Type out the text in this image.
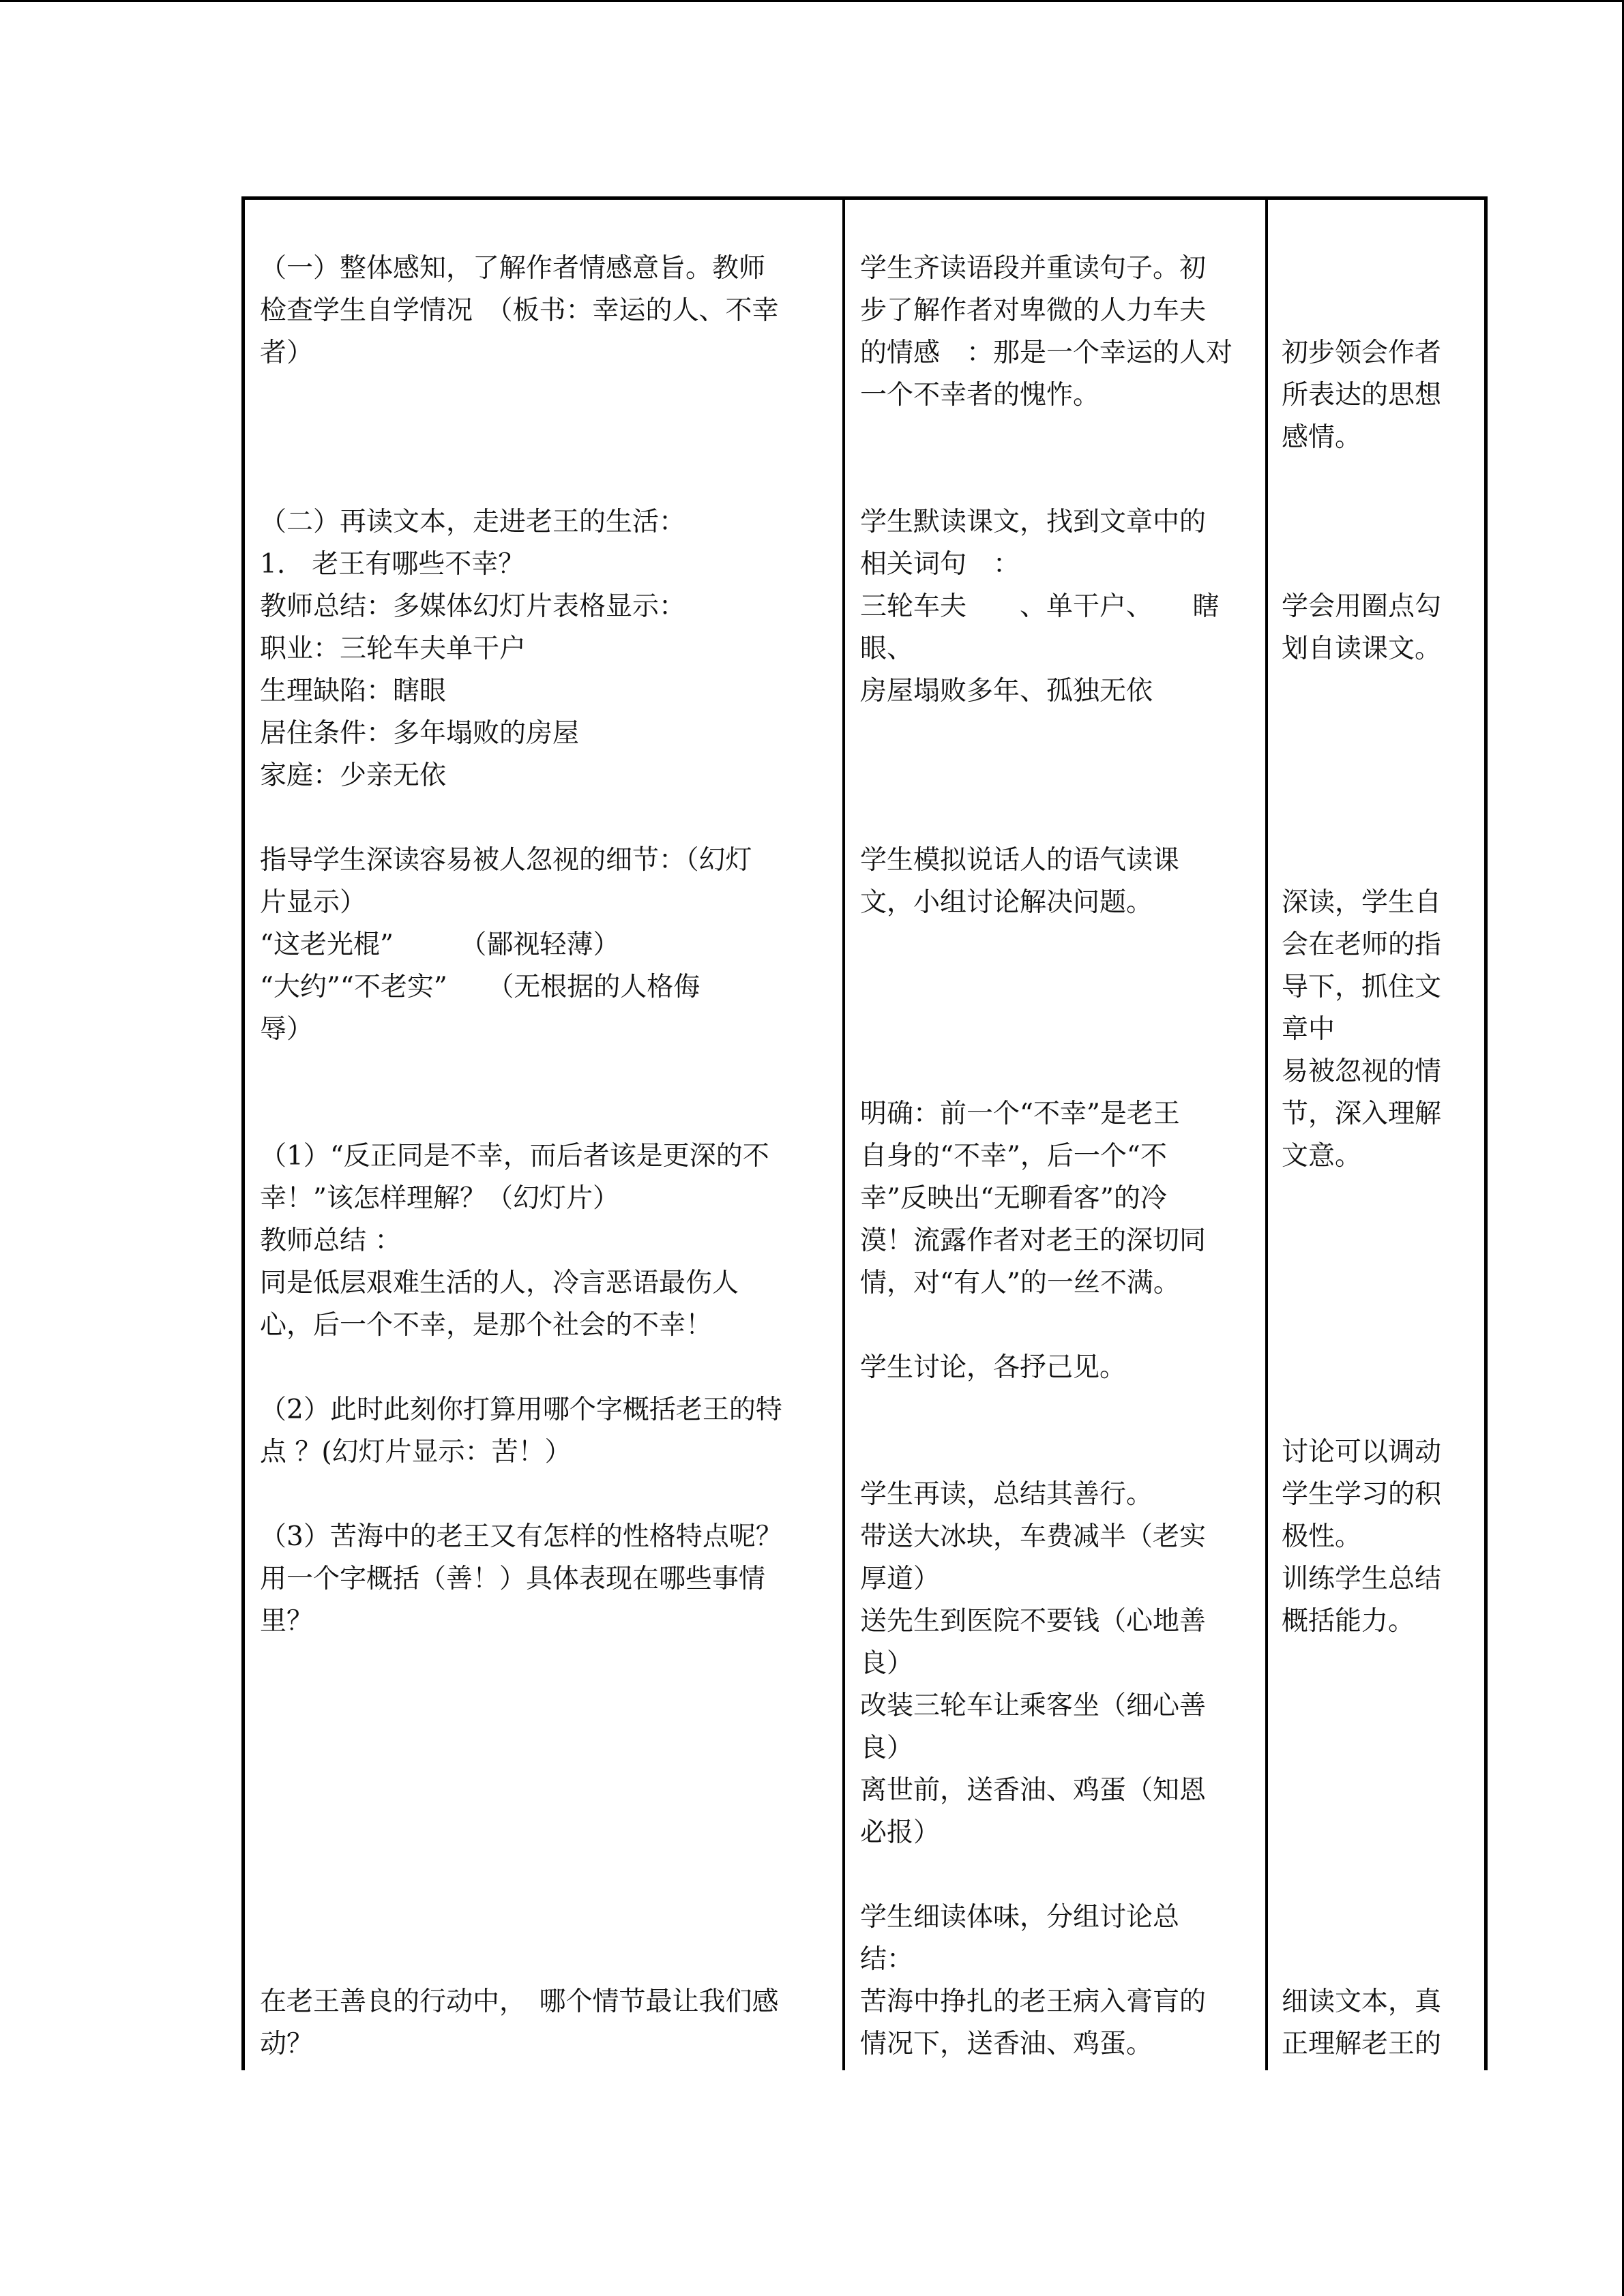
（一）整体感知，了解作者情感意旨。教师
检查学生自学情况　（板书：幸运的人、不幸
者）

（二）再读文本，走进老王的生活：
1.　老王有哪些不幸？
教师总结：多媒体幻灯片表格显示：
职业：三轮车夫单干户
生理缺陷：瞎眼
居住条件：多年塌败的房屋
家庭：少亲无依

指导学生深读容易被人忽视的细节：（幻灯
片显示）
“这老光棍”　　　（鄙视轻薄）
“大约”“不老实”　　（无根据的人格侮
辱）

（1）“反正同是不幸，而后者该是更深的不
幸！”该怎样理解？（幻灯片）
教师总结 ：
同是低层艰难生活的人，冷言恶语最伤人
心，后一个不幸，是那个社会的不幸！

（2）此时此刻你打算用哪个字概括老王的特
点 ？(幻灯片显示：苦！）

（3）苦海中的老王又有怎样的性格特点呢？
用一个字概括（善！）具体表现在哪些事情
里？

在老王善良的行动中，　哪个情节最让我们感
动？

学生齐读语段并重读句子。初
步了解作者对卑微的人力车夫
的情感　：那是一个幸运的人对
一个不幸者的愧怍。

学生默读课文，找到文章中的
相关词句　：
三轮车夫　　、单干户、　　瞎
眼、
房屋塌败多年、孤独无依

学生模拟说话人的语气读课
文，小组讨论解决问题。

明确：前一个“不幸”是老王
自身的“不幸”，后一个“不
幸”反映出“无聊看客”的冷
漠！流露作者对老王的深切同
情，对“有人”的一丝不满。

学生讨论，各抒己见。

学生再读，总结其善行。
带送大冰块，车费减半（老实
厚道）
送先生到医院不要钱（心地善
良）
改装三轮车让乘客坐（细心善
良）
离世前，送香油、鸡蛋（知恩
必报）

学生细读体味，分组讨论总
结：
苦海中挣扎的老王病入膏肓的
情况下，送香油、鸡蛋。

初步领会作者
所表达的思想
感情。

学会用圈点勾
划自读课文。

深读，学生自
会在老师的指
导下，抓住文
章中
易被忽视的情
节，深入理解
文意。

讨论可以调动
学生学习的积
极性。
训练学生总结
概括能力。

细读文本，真
正理解老王的
